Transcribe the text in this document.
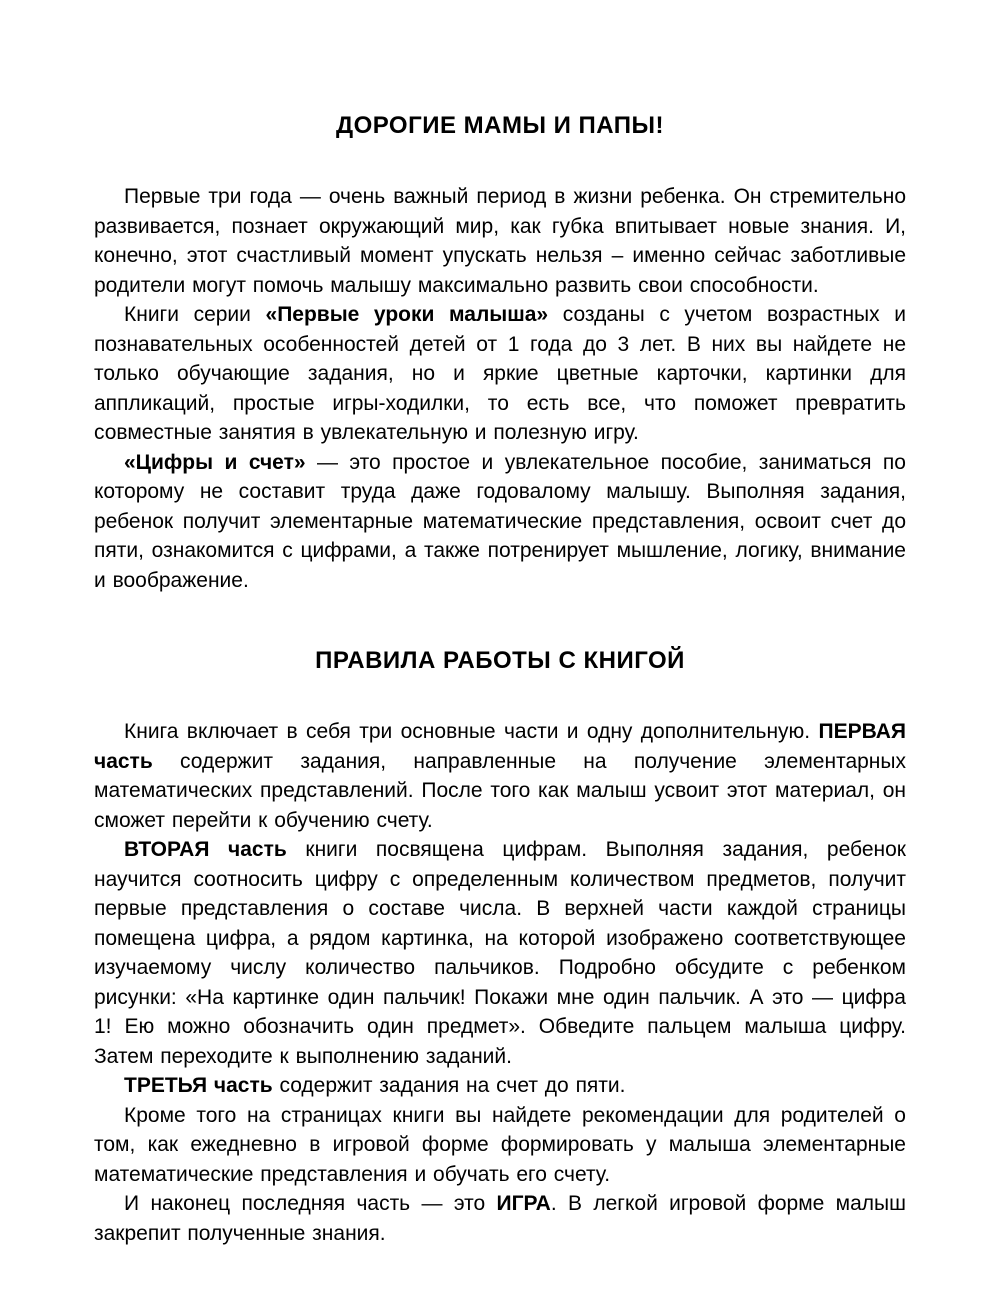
ДОРОГИЕ МАМЫ И ПАПЫ!

Первые три года — очень важный период в жизни ребенка. Он стремительно развивается, познает окружающий мир, как губка впитывает новые знания. И, конечно, этот счастливый момент упускать нельзя – именно сейчас заботливые родители могут помочь малышу максимально развить свои способности.

Книги серии «Первые уроки малыша» созданы с учетом возрастных и познавательных особенностей детей от 1 года до 3 лет. В них вы найдете не только обучающие задания, но и яркие цветные карточки, картинки для аппликаций, простые игры-ходилки, то есть все, что поможет превратить совместные занятия в увлекательную и полезную игру.

«Цифры и счет» — это простое и увлекательное пособие, заниматься по которому не составит труда даже годовалому малышу. Выполняя задания, ребенок получит элементарные математические представления, освоит счет до пяти, ознакомится с цифрами, а также потренирует мышление, логику, внимание и воображение.

ПРАВИЛА РАБОТЫ С КНИГОЙ

Книга включает в себя три основные части и одну дополнительную. ПЕРВАЯ часть содержит задания, направленные на получение элементарных математических представлений. После того как малыш усвоит этот материал, он сможет перейти к обучению счету.

ВТОРАЯ часть книги посвящена цифрам. Выполняя задания, ребенок научится соотносить цифру с определенным количеством предметов, получит первые представления о составе числа. В верхней части каждой страницы помещена цифра, а рядом картинка, на которой изображено соответствующее изучаемому числу количество пальчиков. Подробно обсудите с ребенком рисунки: «На картинке один пальчик! Покажи мне один пальчик. А это — цифра 1! Ею можно обозначить один предмет». Обведите пальцем малыша цифру. Затем переходите к выполнению заданий.

ТРЕТЬЯ часть содержит задания на счет до пяти.

Кроме того на страницах книги вы найдете рекомендации для родителей о том, как ежедневно в игровой форме формировать у малыша элементарные математические представления и обучать его счету.

И наконец последняя часть — это ИГРА. В легкой игровой форме малыш закрепит полученные знания.
